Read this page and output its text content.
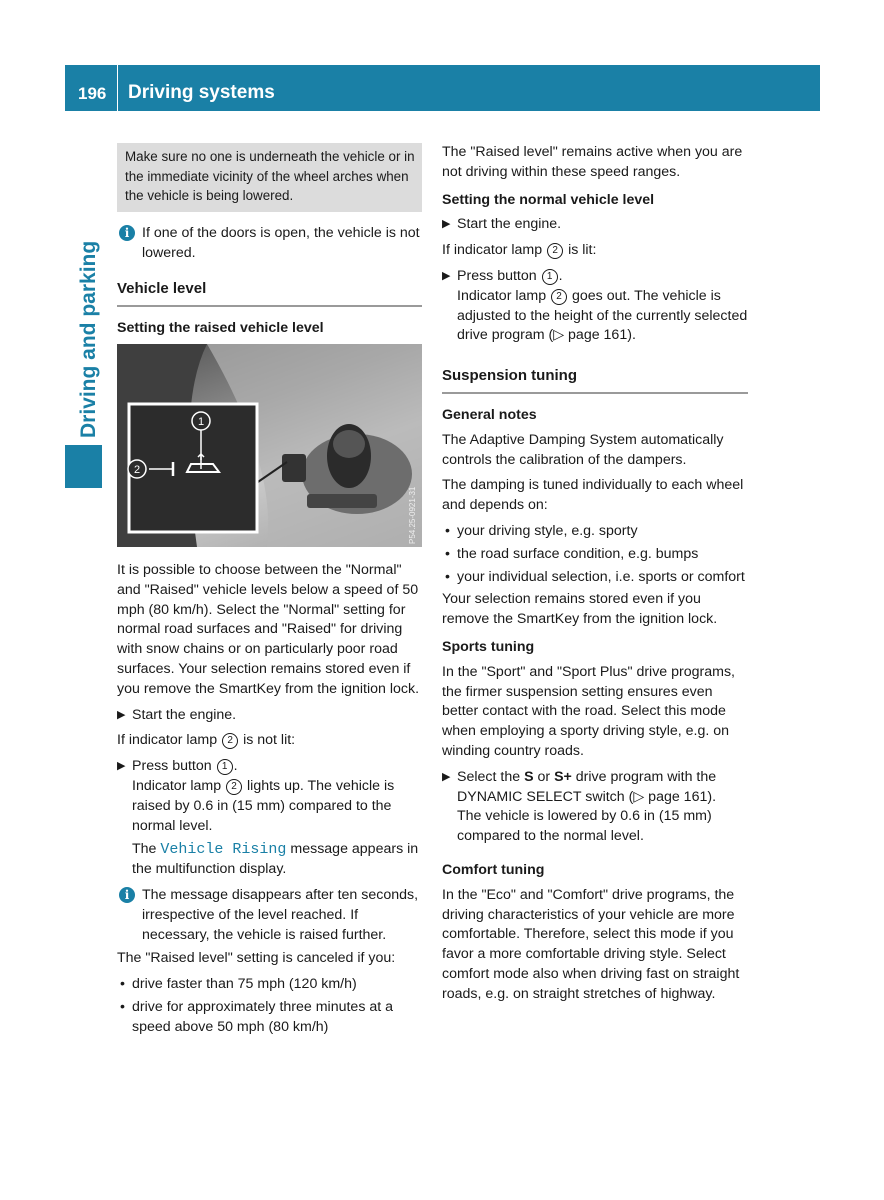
196 Driving systems
Driving and parking
Make sure no one is underneath the vehicle or in the immediate vicinity of the wheel arches when the vehicle is being lowered.
i If one of the doors is open, the vehicle is not lowered.
Vehicle level
Setting the raised vehicle level
1
2
P54.25-0921-31

It is possible to choose between the "Normal" and "Raised" vehicle levels below a speed of 50 mph (80 km/h). Select the "Normal" setting for normal road surfaces and "Raised" for driving with snow chains or on particularly poor road surfaces. Your selection remains stored even if you remove the SmartKey from the ignition lock.

▶ Start the engine.

If indicator lamp 2 is not lit:

▶ Press button 1 .
Indicator lamp 2 lights up. The vehicle is raised by 0.6 in (15 mm) compared to the normal level.
The Vehicle Rising message appears in the multifunction display.
i The message disappears after ten seconds, irrespective of the level reached. If necessary, the vehicle is raised further.

The "Raised level" setting is canceled if you:

• drive faster than 75 mph (120 km/h)
• drive for approximately three minutes at a speed above 50 mph (80 km/h)

The "Raised level" remains active when you are not driving within these speed ranges.

Setting the normal vehicle level
▶ Start the engine.

If indicator lamp 2 is lit:

▶ Press button 1 .
Indicator lamp 2 goes out. The vehicle is adjusted to the height of the currently selected drive program (▷ page 161).
Suspension tuning
General notes

The Adaptive Damping System automatically controls the calibration of the dampers.

The damping is tuned individually to each wheel and depends on:

• your driving style, e.g. sporty
• the road surface condition, e.g. bumps
• your individual selection, i.e. sports or comfort

Your selection remains stored even if you remove the SmartKey from the ignition lock.

Sports tuning

In the "Sport" and "Sport Plus" drive programs, the firmer suspension setting ensures even better contact with the road. Select this mode when employing a sporty driving style, e.g. on winding country roads.

▶ Select the S or S+ drive program with the DYNAMIC SELECT switch (▷ page 161).
The vehicle is lowered by 0.6 in (15 mm) compared to the normal level.
Comfort tuning

In the "Eco" and "Comfort" drive programs, the driving characteristics of your vehicle are more comfortable. Therefore, select this mode if you favor a more comfortable driving style. Select comfort mode also when driving fast on straight roads, e.g. on straight stretches of highway.
